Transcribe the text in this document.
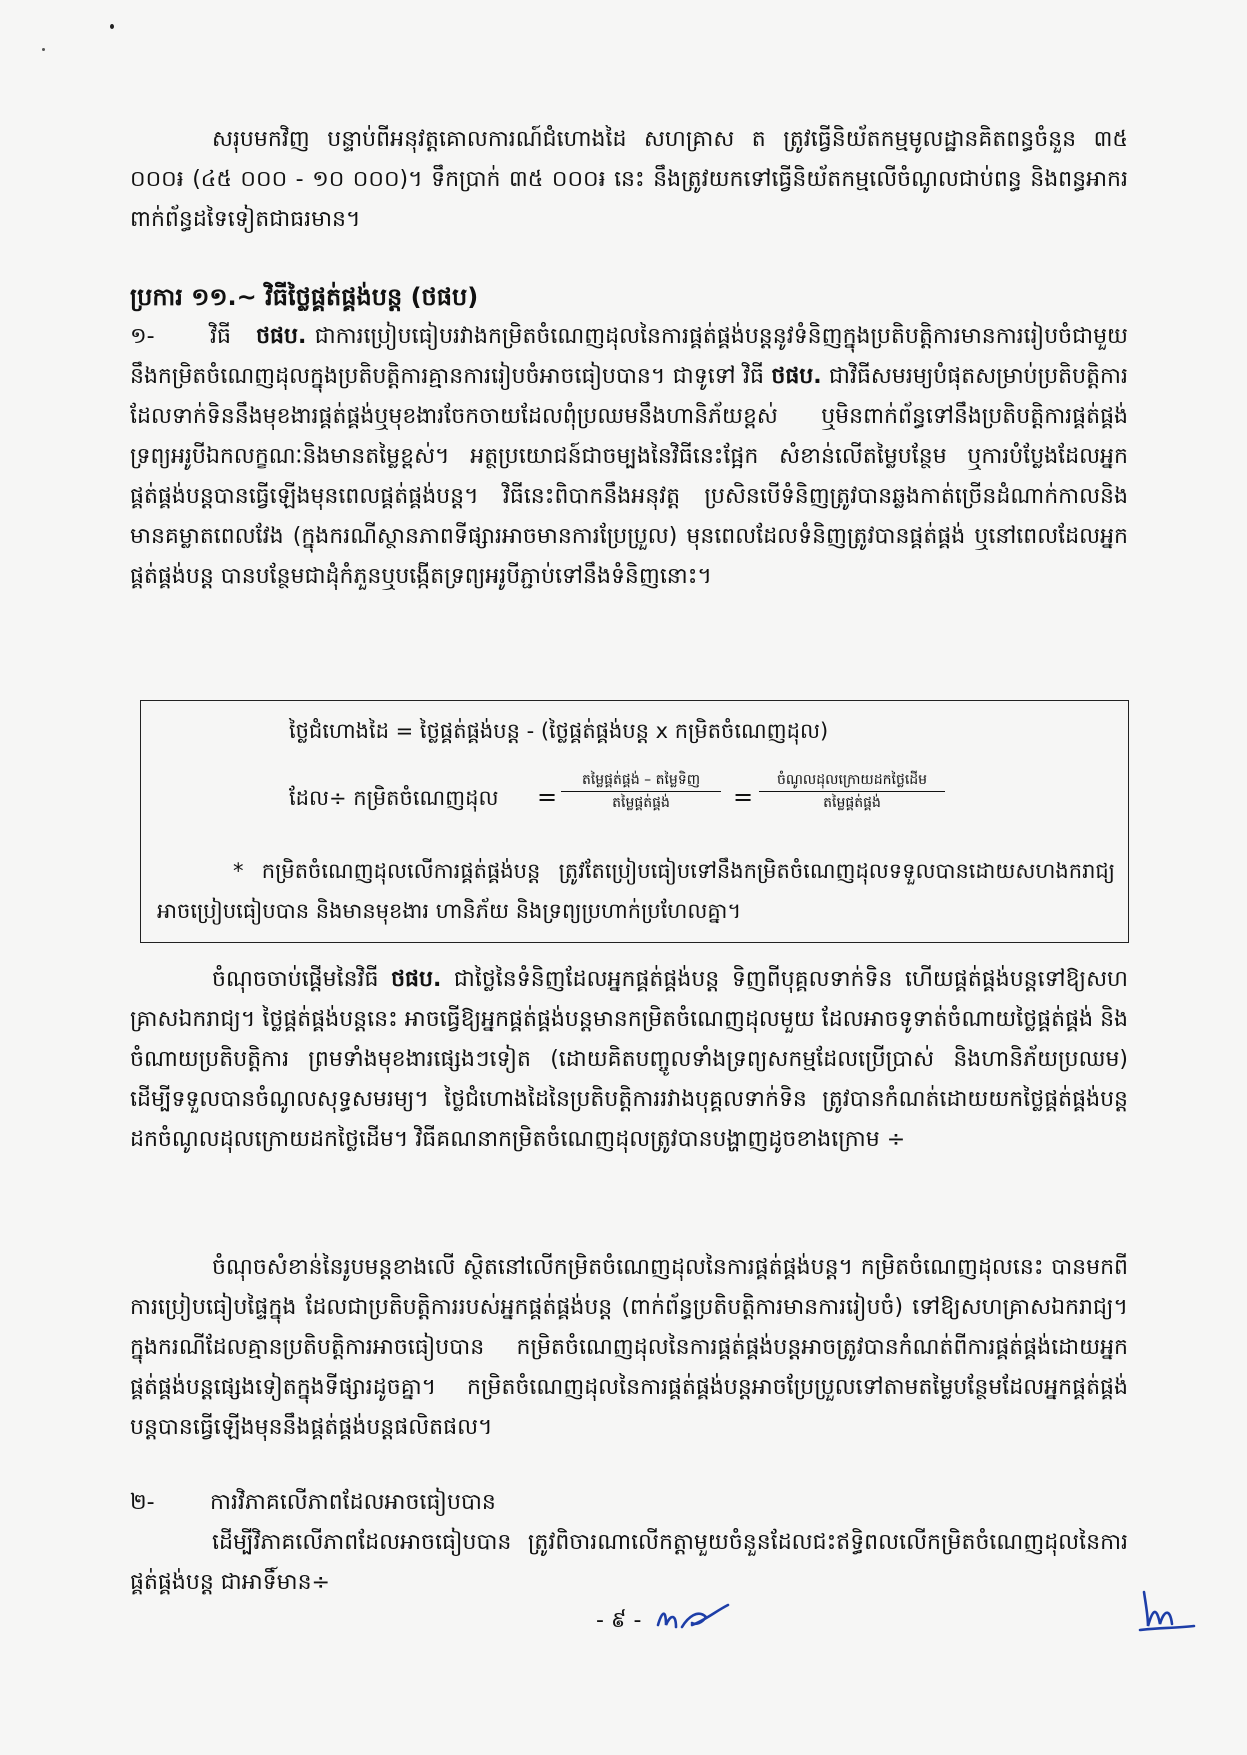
សរុបមកវិញ បន្ទាប់ពីអនុវត្តគោលការណ៍ជំហោងដៃ សហគ្រាស ត ត្រូវធ្វើនិយ័តកម្មមូលដ្ឋានគិតពន្ធចំនួន ៣៥ ០០០៛ (៤៥ ០០០ - ១០ ០០០)។ ទឹកប្រាក់ ៣៥ ០០០៛ នេះ នឹងត្រូវយកទៅធ្វើនិយ័តកម្មលើចំណូលជាប់ពន្ធ និងពន្ធអាករពាក់ព័ន្ធដទៃទៀតជាធរមាន។

ប្រការ ១១.~ វិធីថ្លៃផ្គត់ផ្គង់បន្ត (ថផប)

១-	វិធី ថផប. ជាការប្រៀបធៀបរវាងកម្រិតចំណេញដុលនៃការផ្គត់ផ្គង់បន្តនូវទំនិញក្នុងប្រតិបត្តិការមានការរៀបចំជាមួយនឹងកម្រិតចំណេញដុលក្នុងប្រតិបត្តិការគ្មានការរៀបចំអាចធៀបបាន។ ជាទូទៅ វិធី ថផប. ជាវិធីសមរម្យបំផុតសម្រាប់ប្រតិបត្តិការដែលទាក់ទិននឹងមុខងារផ្គត់ផ្គង់ឬមុខងារចែកចាយដែលពុំប្រឈមនឹងហានិភ័យខ្ពស់ ឬមិនពាក់ព័ន្ធទៅនឹងប្រតិបត្តិការផ្គត់ផ្គង់ទ្រព្យអរូបីឯកលក្ខណៈនិងមានតម្លៃខ្ពស់។ អត្ថប្រយោជន៍ជាចម្បងនៃវិធីនេះផ្អែក សំខាន់លើតម្លៃបន្ថែម ឬការបំប្លែងដែលអ្នកផ្គត់ផ្គង់បន្តបានធ្វើឡើងមុនពេលផ្គត់ផ្គង់បន្ត។ វិធីនេះពិបាកនឹងអនុវត្ត ប្រសិនបើទំនិញត្រូវបានឆ្លងកាត់ច្រើនដំណាក់កាលនិងមានគម្លាតពេលវែង (ក្នុងករណីស្ថានភាពទីផ្សារអាចមានការប្រែប្រួល) មុនពេលដែលទំនិញត្រូវបានផ្គត់ផ្គង់ ឬនៅពេលដែលអ្នកផ្គត់ផ្គង់បន្ត បានបន្ថែមជាដុំកំភួនឬបង្កើតទ្រព្យអរូបីភ្ជាប់ទៅនឹងទំនិញនោះ។

ថ្លៃជំហោងដៃ = ថ្លៃផ្គត់ផ្គង់បន្ត - (ថ្លៃផ្គត់ផ្គង់បន្ត x កម្រិតចំណេញដុល)
ដែល÷ កម្រិតចំណេញដុល =
តម្លៃផ្គត់ផ្គង់ – តម្លៃទិញ
តម្លៃផ្គត់ផ្គង់	=
ចំណូលដុលក្រោយដកថ្លៃដើម
តម្លៃផ្គត់ផ្គង់

* កម្រិតចំណេញដុលលើការផ្គត់ផ្គង់បន្ត ត្រូវតែប្រៀបធៀបទៅនឹងកម្រិតចំណេញដុលទទួលបានដោយសហងករាជ្យអាចប្រៀបធៀបបាន និងមានមុខងារ ហានិភ័យ និងទ្រព្យប្រហាក់ប្រហែលគ្នា។

ចំណុចចាប់ផ្តើមនៃវិធី ថផប. ជាថ្លៃនៃទំនិញដែលអ្នកផ្គត់ផ្គង់បន្ត ទិញពីបុគ្គលទាក់ទិន ហើយផ្គត់ផ្គង់បន្តទៅឱ្យសហគ្រាសឯករាជ្យ។ ថ្លៃផ្គត់ផ្គង់បន្តនេះ អាចធ្វើឱ្យអ្នកផ្គត់ផ្គង់បន្តមានកម្រិតចំណេញដុលមួយ ដែលអាចទូទាត់ចំណាយថ្លៃផ្គត់ផ្គង់ និងចំណាយប្រតិបត្តិការ ព្រមទាំងមុខងារផ្សេងៗទៀត (ដោយគិតបញ្ចូលទាំងទ្រព្យសកម្មដែលប្រើប្រាស់ និងហានិភ័យប្រឈម) ដើម្បីទទួលបានចំណូលសុទ្ធសមរម្យ។ ថ្លៃជំហោងដៃនៃប្រតិបត្តិការរវាងបុគ្គលទាក់ទិន ត្រូវបានកំណត់ដោយយកថ្លៃផ្គត់ផ្គង់បន្តដកចំណូលដុលក្រោយដកថ្លៃដើម។ វិធីគណនាកម្រិតចំណេញដុលត្រូវបានបង្ហាញដូចខាងក្រោម ÷

ចំណុចសំខាន់នៃរូបមន្តខាងលើ ស្ថិតនៅលើកម្រិតចំណេញដុលនៃការផ្គត់ផ្គង់បន្ត។ កម្រិតចំណេញដុលនេះ បានមកពីការប្រៀបធៀបផ្ទៃក្នុង ដែលជាប្រតិបត្តិការរបស់អ្នកផ្គត់ផ្គង់បន្ត (ពាក់ព័ន្ធប្រតិបត្តិការមានការរៀបចំ) ទៅឱ្យសហគ្រាសឯករាជ្យ។ ក្នុងករណីដែលគ្មានប្រតិបត្តិការអាចធៀបបាន កម្រិតចំណេញដុលនៃការផ្គត់ផ្គង់បន្តអាចត្រូវបានកំណត់ពីការផ្គត់ផ្គង់ដោយអ្នកផ្គត់ផ្គង់បន្តផ្សេងទៀតក្នុងទីផ្សារដូចគ្នា។ កម្រិតចំណេញដុលនៃការផ្គត់ផ្គង់បន្តអាចប្រែប្រួលទៅតាមតម្លៃបន្ថែមដែលអ្នកផ្គត់ផ្គង់បន្តបានធ្វើឡើងមុននឹងផ្គត់ផ្គង់បន្តផលិតផល។

២-	ការវិភាគលើភាពដែលអាចធៀបបាន

ដើម្បីវិភាគលើភាពដែលអាចធៀបបាន ត្រូវពិចារណាលើកត្តាមួយចំនួនដែលជះឥទ្ធិពលលើកម្រិតចំណេញដុលនៃការផ្គត់ផ្គង់បន្ត ជាអាទិ៍មាន÷

- ៩ -
